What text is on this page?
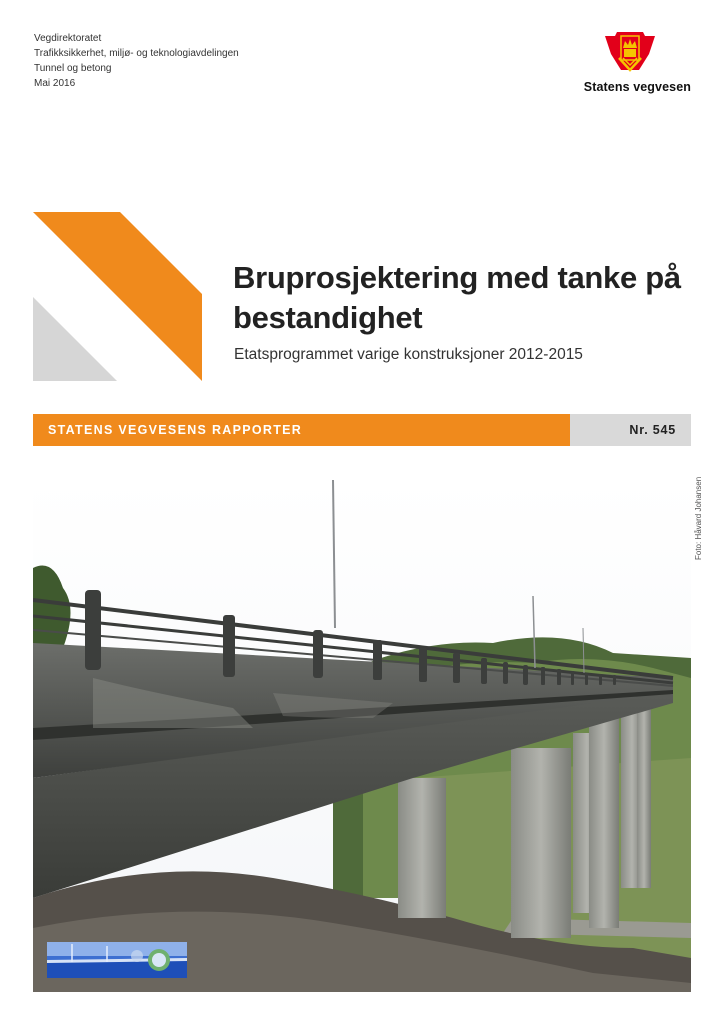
Vegdirektoratet
Trafikksikkerhet, miljø- og teknologiavdelingen
Tunnel og betong
Mai 2016	Statens vegvesen
Bruprosjektering med tanke på bestandighet
Etatsprogrammet varige konstruksjoner 2012-2015
STATENS VEGVESENS RAPPORTER	Nr. 545
Foto: Håvard Johansen
